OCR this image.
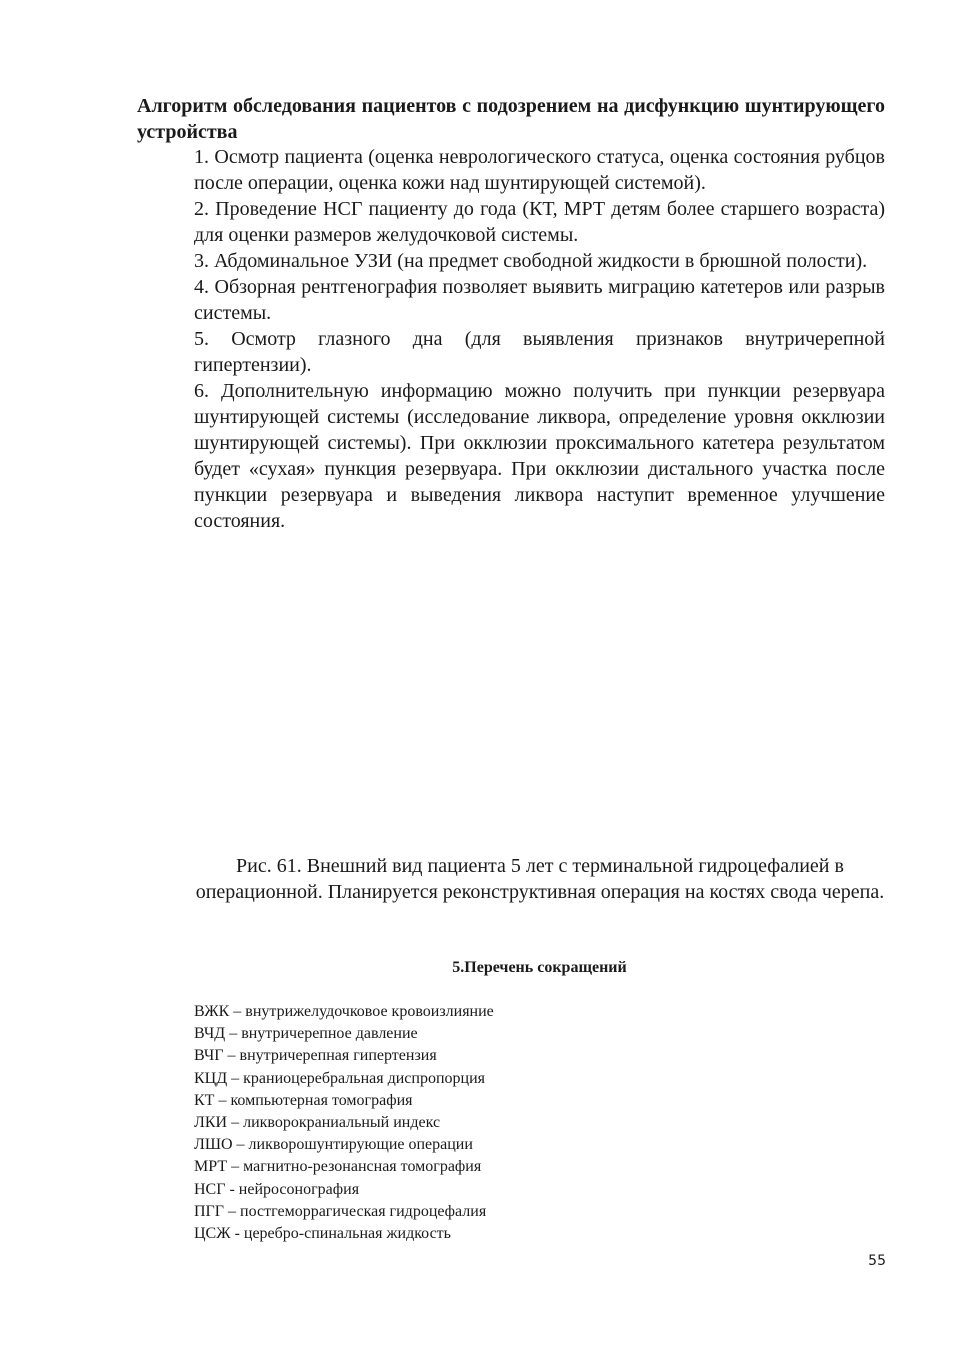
Алгоритм обследования пациентов с подозрением на дисфункцию шунтирующего устройства

1. Осмотр пациента (оценка неврологического статуса, оценка состояния рубцов после операции, оценка кожи над шунтирующей системой).

2. Проведение НСГ пациенту до года (КТ, МРТ детям более старшего возраста) для оценки размеров желудочковой системы.

3. Абдоминальное УЗИ (на предмет свободной жидкости в брюшной полости).

4. Обзорная рентгенография позволяет выявить миграцию катетеров или разрыв системы.

5. Осмотр глазного дна (для выявления признаков внутричерепной гипертензии).

6. Дополнительную информацию можно получить при пункции резервуара шунтирующей системы (исследование ликвора, определение уровня окклюзии шунтирующей системы). При окклюзии проксимального катетера результатом будет «сухая» пункция резервуара. При окклюзии дистального участка после пункции резервуара и выведения ликвора наступит временное улучшение состояния.

Рис. 61. Внешний вид пациента 5 лет с терминальной гидроцефалией в операционной. Планируется реконструктивная операция на костях свода черепа.
5.Перечень сокращений
ВЖК – внутрижелудочковое кровоизлияние
ВЧД – внутричерепное давление
ВЧГ – внутричерепная гипертензия
КЦД – краниоцеребральная диспропорция
КТ – компьютерная томография
ЛКИ – ликворокраниальный индекс
ЛШО – ликворошунтирующие операции
МРТ – магнитно-резонансная томография
НСГ - нейросонография
ПГГ – постгеморрагическая гидроцефалия
ЦСЖ - церебро-спинальная жидкость
55
